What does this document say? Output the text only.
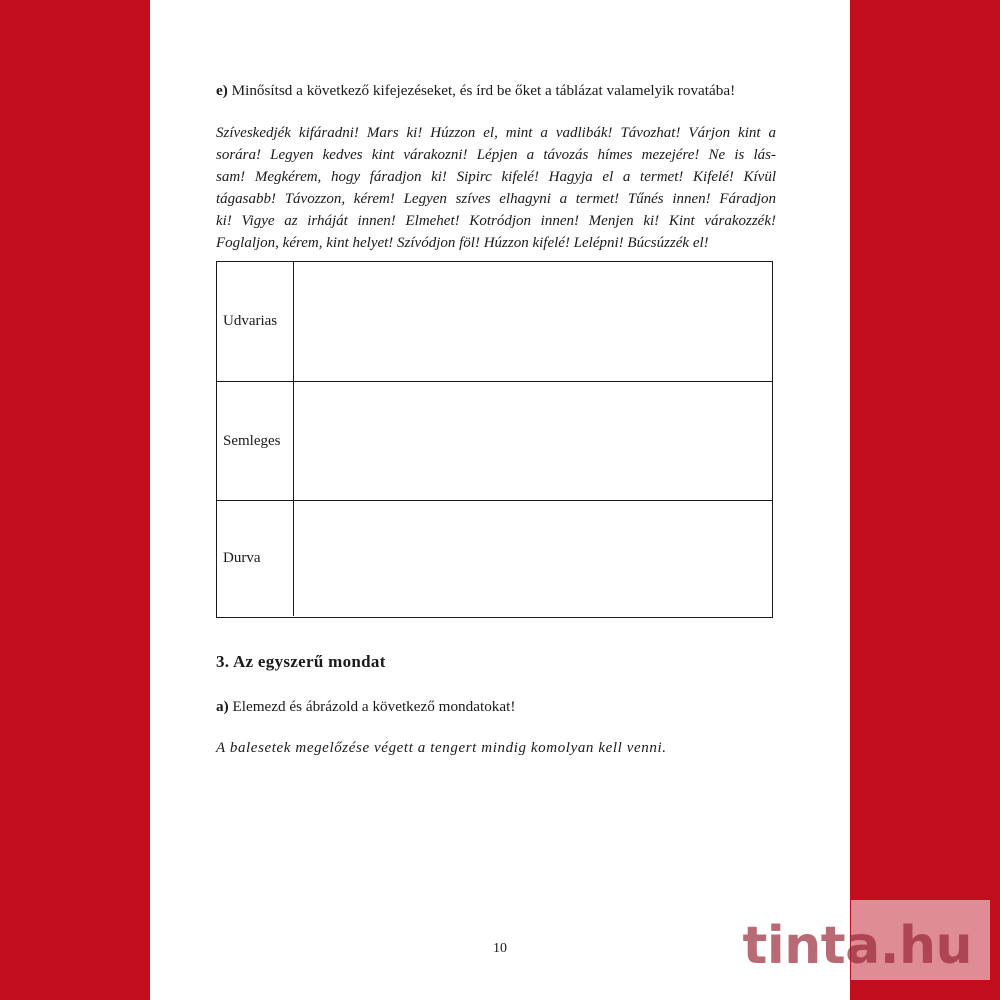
e) Minősítsd a következő kifejezéseket, és írd be őket a táblázat valamelyik rovatába!
Szíveskedjék kifáradni! Mars ki! Húzzon el, mint a vadlibák! Távozhat! Várjon kint a
sorára! Legyen kedves kint várakozni! Lépjen a távozás hímes mezejére! Ne is lás-
sam! Megkérem, hogy fáradjon ki! Sipirc kifelé! Hagyja el a termet! Kifelé! Kívül
tágasabb! Távozzon, kérem! Legyen szíves elhagyni a termet! Tűnés innen! Fáradjon
ki! Vigye az irháját innen! Elmehet! Kotródjon innen! Menjen ki! Kint várakozzék!
Foglaljon, kérem, kint helyet! Szívódjon föl! Húzzon kifelé! Lelépni! Búcsúzzék el!
Udvarias
Semleges
Durva
3. Az egyszerű mondat
a) Elemezd és ábrázold a következő mondatokat!
A balesetek megelőzése végett a tengert mindig komolyan kell venni.
10	tinta.hu
